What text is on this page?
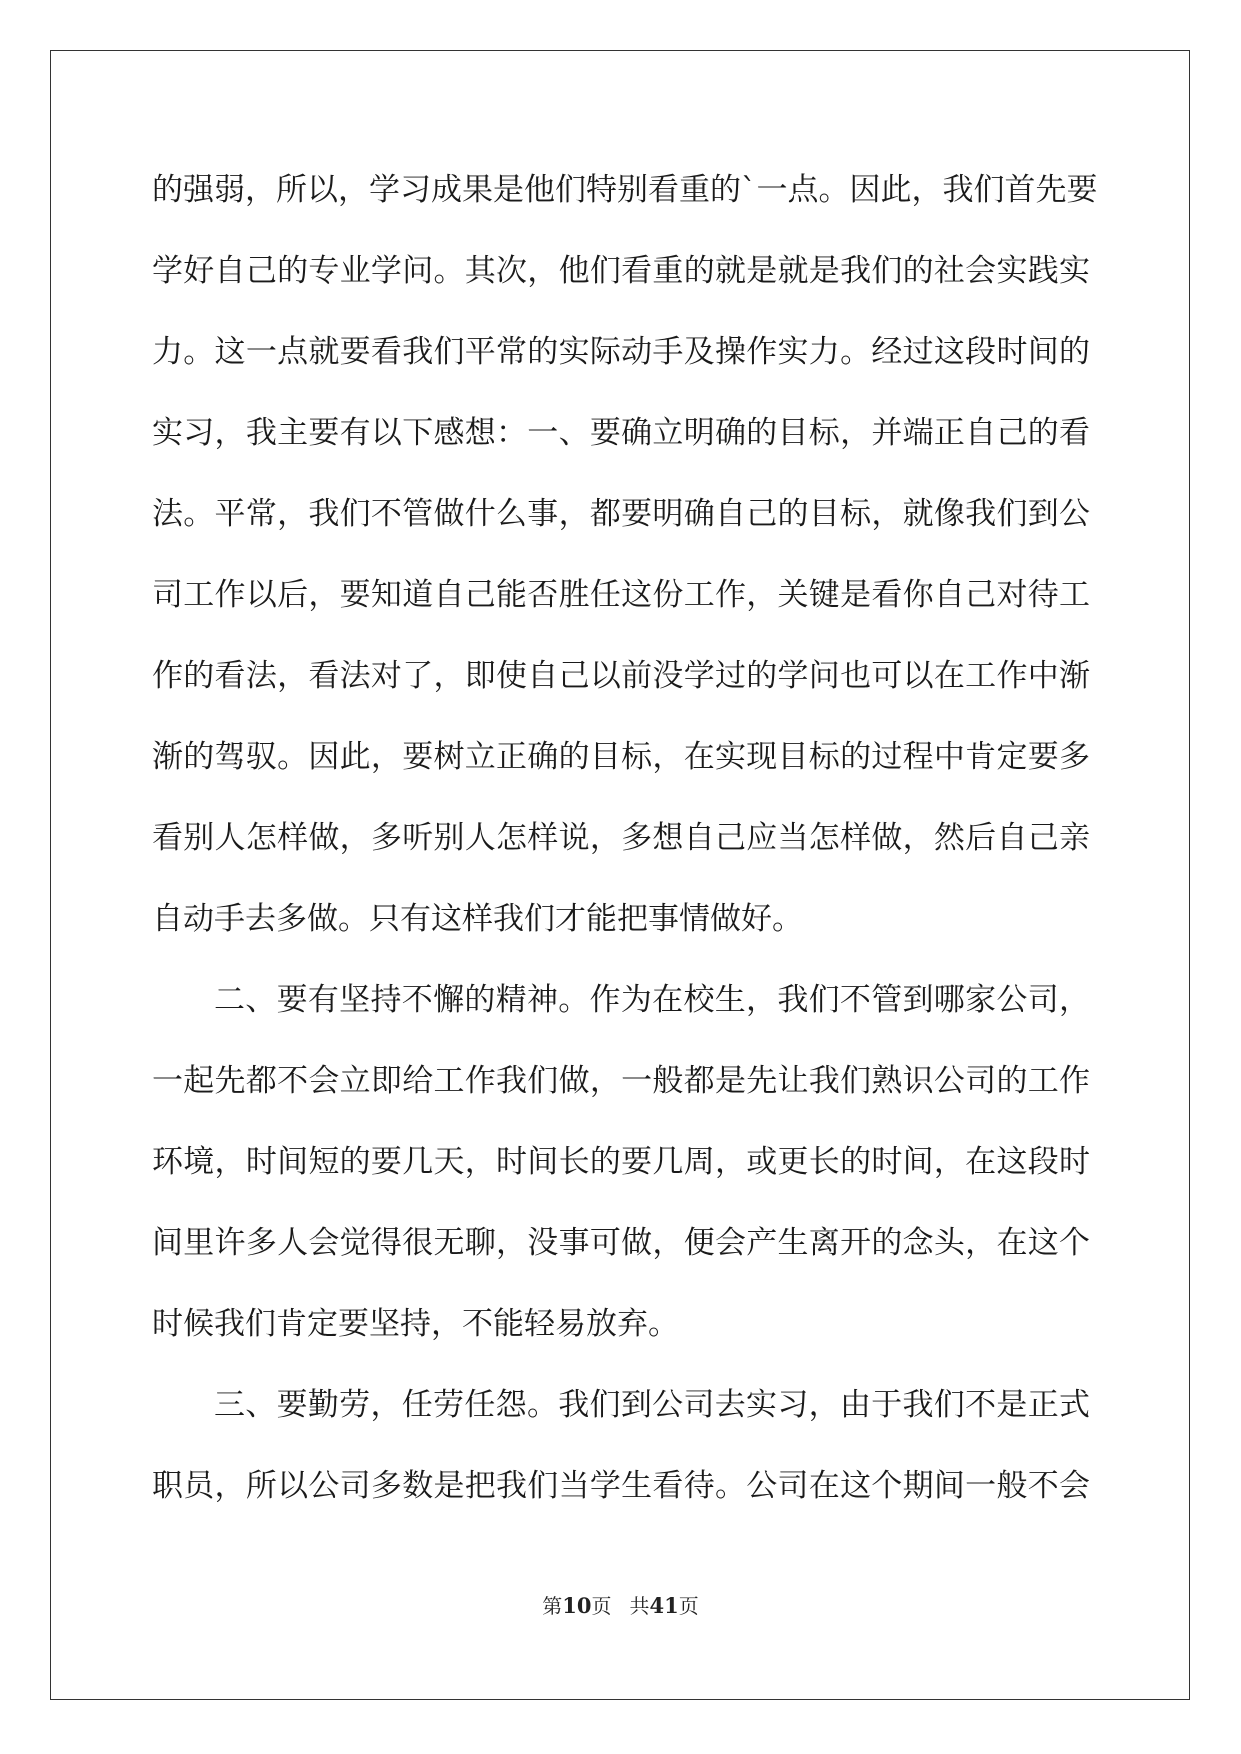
的强弱，所以，学习成果是他们特别看重的`一点。因此，我们首先要
学好自己的专业学问。其次，他们看重的就是就是我们的社会实践实
力。这一点就要看我们平常的实际动手及操作实力。经过这段时间的
实习，我主要有以下感想：一、要确立明确的目标，并端正自己的看
法。平常，我们不管做什么事，都要明确自己的目标，就像我们到公
司工作以后，要知道自己能否胜任这份工作，关键是看你自己对待工
作的看法，看法对了，即使自己以前没学过的学问也可以在工作中渐
渐的驾驭。因此，要树立正确的目标，在实现目标的过程中肯定要多
看别人怎样做，多听别人怎样说，多想自己应当怎样做，然后自己亲
自动手去多做。只有这样我们才能把事情做好。
二、要有坚持不懈的精神。作为在校生，我们不管到哪家公司，
一起先都不会立即给工作我们做，一般都是先让我们熟识公司的工作
环境，时间短的要几天，时间长的要几周，或更长的时间，在这段时
间里许多人会觉得很无聊，没事可做，便会产生离开的念头，在这个
时候我们肯定要坚持，不能轻易放弃。
三、要勤劳，任劳任怨。我们到公司去实习，由于我们不是正式
职员，所以公司多数是把我们当学生看待。公司在这个期间一般不会
第10页 共41页
